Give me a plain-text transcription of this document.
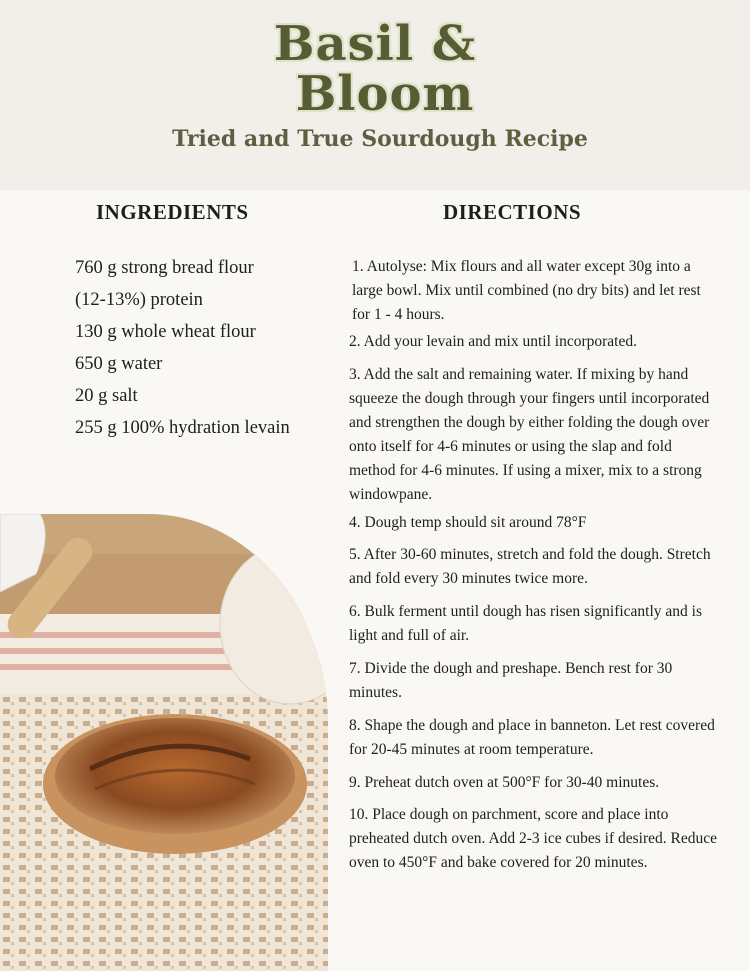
Basil &
Bloom
Tried and True Sourdough Recipe
INGREDIENTS	DIRECTIONS
760 g strong bread flour
(12-13%) protein
130 g whole wheat flour
650 g water
20 g salt
255 g 100% hydration levain
1. Autolyse: Mix flours and all water except 30g into a large bowl. Mix until combined (no dry bits) and let rest for 1 - 4 hours.
2. Add your levain and mix until incorporated.
3. Add the salt and remaining water. If mixing by hand squeeze the dough through your fingers until incorporated and strengthen the dough by either folding the dough over onto itself for 4-6 minutes or using the slap and fold method for 4-6 minutes. If using a mixer, mix to a strong windowpane.
4. Dough temp should sit around 78°F
5. After 30-60 minutes, stretch and fold the dough. Stretch and fold every 30 minutes twice more.
6. Bulk ferment until dough has risen significantly and is light and full of air.
7. Divide the dough and preshape. Bench rest for 30 minutes.
8. Shape the dough and place in banneton. Let rest covered for 20-45 minutes at room temperature.
9. Preheat dutch oven at 500°F for 30-40 minutes.
10. Place dough on parchment, score and place into preheated dutch oven. Add 2-3 ice cubes if desired. Reduce oven to 450°F and bake covered for 20 minutes.
